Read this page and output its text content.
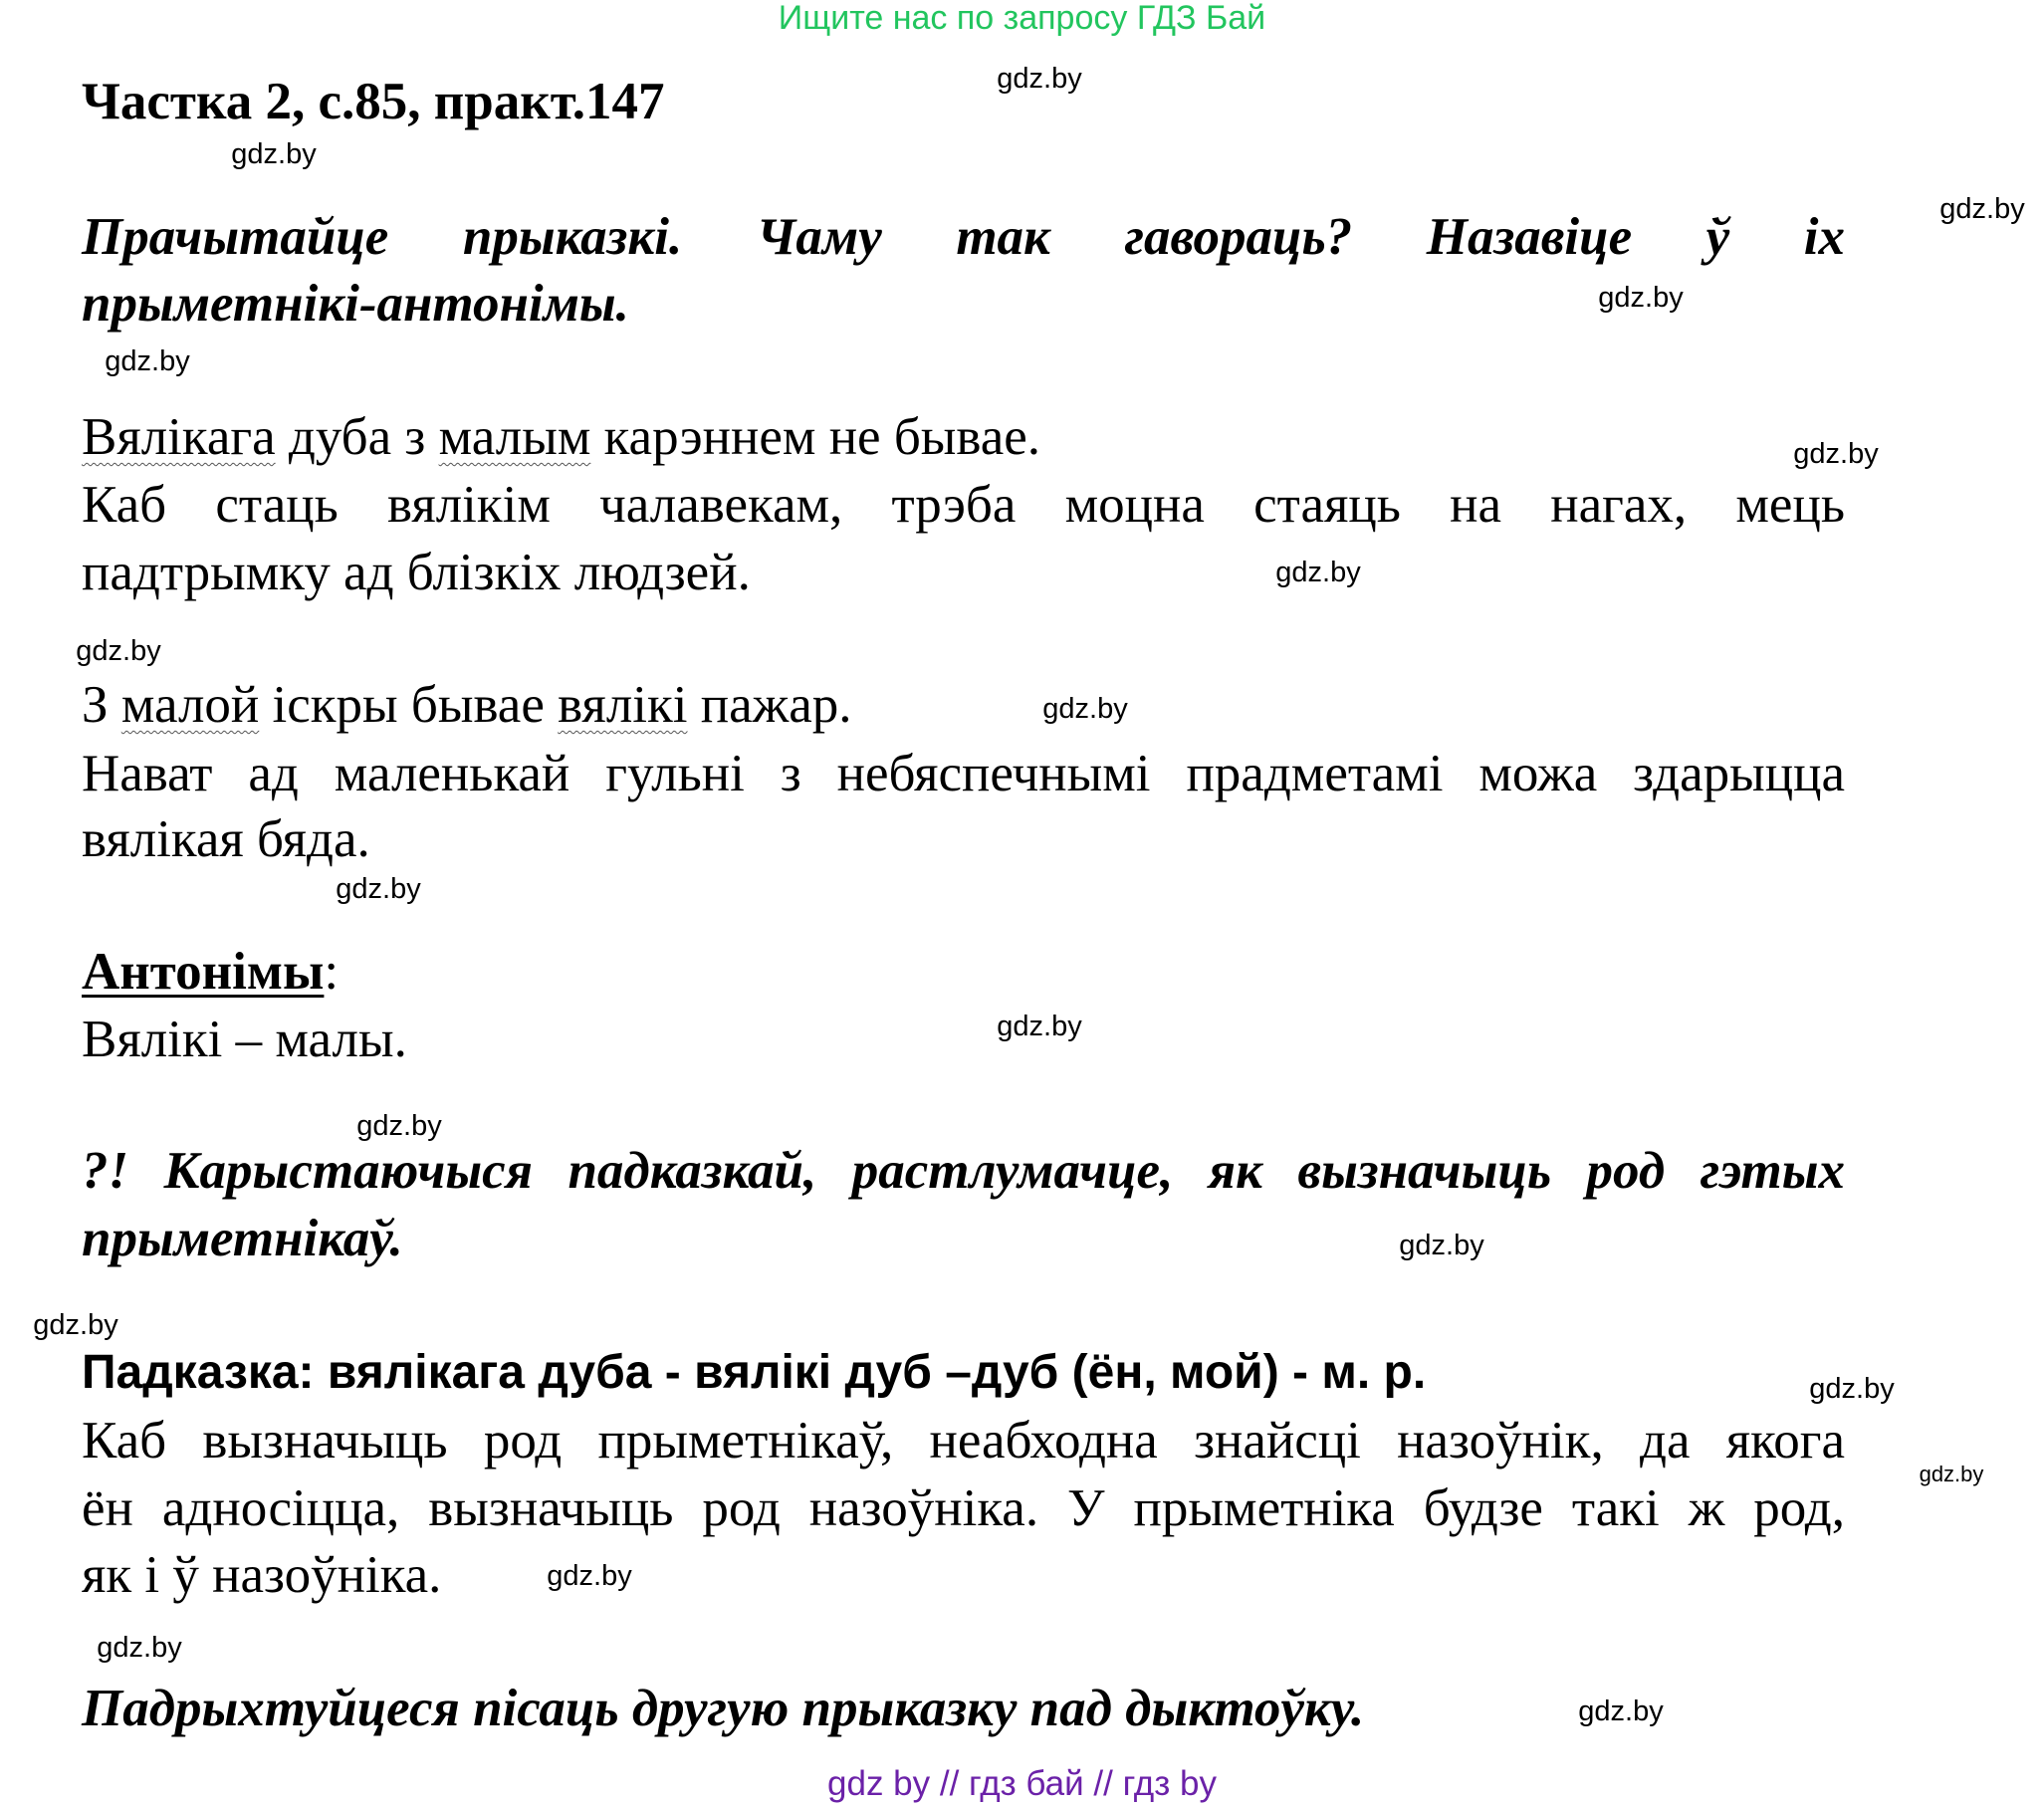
Ищите нас по запросу ГДЗ Бай
Частка 2, с.85, практ.147
Прачытайце прыказкі. Чаму так гавораць? Назавіце ў іх
прыметнікі-антонімы.
Вялікага дуба з малым карэннем не бывае.
Каб стаць вялікім чалавекам, трэба моцна стаяць на нагах, мець
падтрымку ад блізкіх людзей.
З малой іскры бывае вялікі пажар.
Нават ад маленькай гульні з небяспечнымі прадметамі можа здарыцца
вялікая бяда.
Антонімы:
Вялікі – малы.
?! Карыстаючыся падказкай, растлумачце, як вызначыць род гэтых
прыметнікаў.
Падказка: вялікага дуба - вялікі дуб –дуб (ён, мой) - м. р.
Каб вызначыць род прыметнікаў, неабходна знайсці назоўнік, да якога
ён адносіцца, вызначыць род назоўніка. У прыметніка будзе такі ж род,
як і ў назоўніка.
Падрыхтуйцеся пісаць другую прыказку пад дыктоўку.
gdz by // гдз бай // гдз by
gdz.by
gdz.by
gdz.by
gdz.by
gdz.by
gdz.by
gdz.by
gdz.by
gdz.by
gdz.by
gdz.by
gdz.by
gdz.by
gdz.by
gdz.by
gdz.by
gdz.by
gdz.by
gdz.by
